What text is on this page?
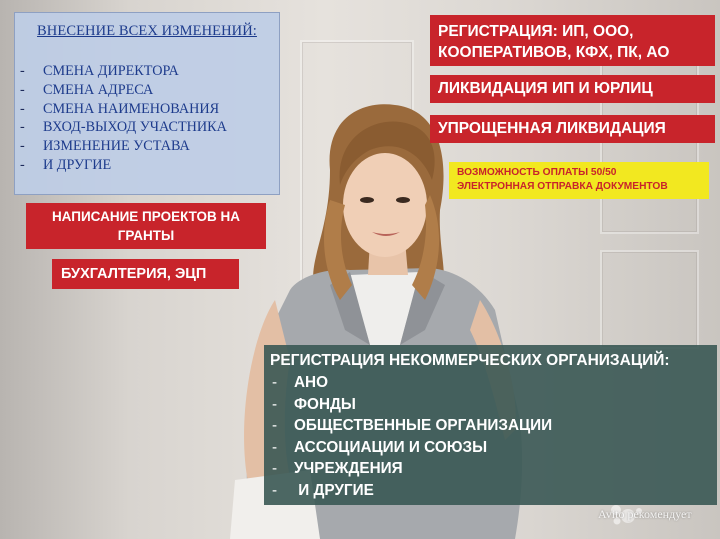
ВНЕСЕНИЕ ВСЕХ ИЗМЕНЕНИЙ:
- СМЕНА ДИРЕКТОРА
- СМЕНА АДРЕСА
- СМЕНА НАИМЕНОВАНИЯ
- ВХОД-ВЫХОД УЧАСТНИКА
- ИЗМЕНЕНИЕ УСТАВА
- И ДРУГИЕ
РЕГИСТРАЦИЯ: ИП, ООО,
КООПЕРАТИВОВ, КФХ, ПК, АО
ЛИКВИДАЦИЯ ИП И ЮРЛИЦ
УПРОЩЕННАЯ ЛИКВИДАЦИЯ
НАПИСАНИЕ ПРОЕКТОВ НА ГРАНТЫ
БУХГАЛТЕРИЯ, ЭЦП
ВОЗМОЖНОСТЬ ОПЛАТЫ 50/50
ЭЛЕКТРОННАЯ ОТПРАВКА ДОКУМЕНТОВ
РЕГИСТРАЦИЯ НЕКОММЕРЧЕСКИХ ОРГАНИЗАЦИЙ:
- АНО
- ФОНДЫ
- ОБЩЕСТВЕННЫЕ ОРГАНИЗАЦИИ
- АССОЦИАЦИИ И СОЮЗЫ
- УЧРЕЖДЕНИЯ
- И ДРУГИЕ
Avito рекомендует
